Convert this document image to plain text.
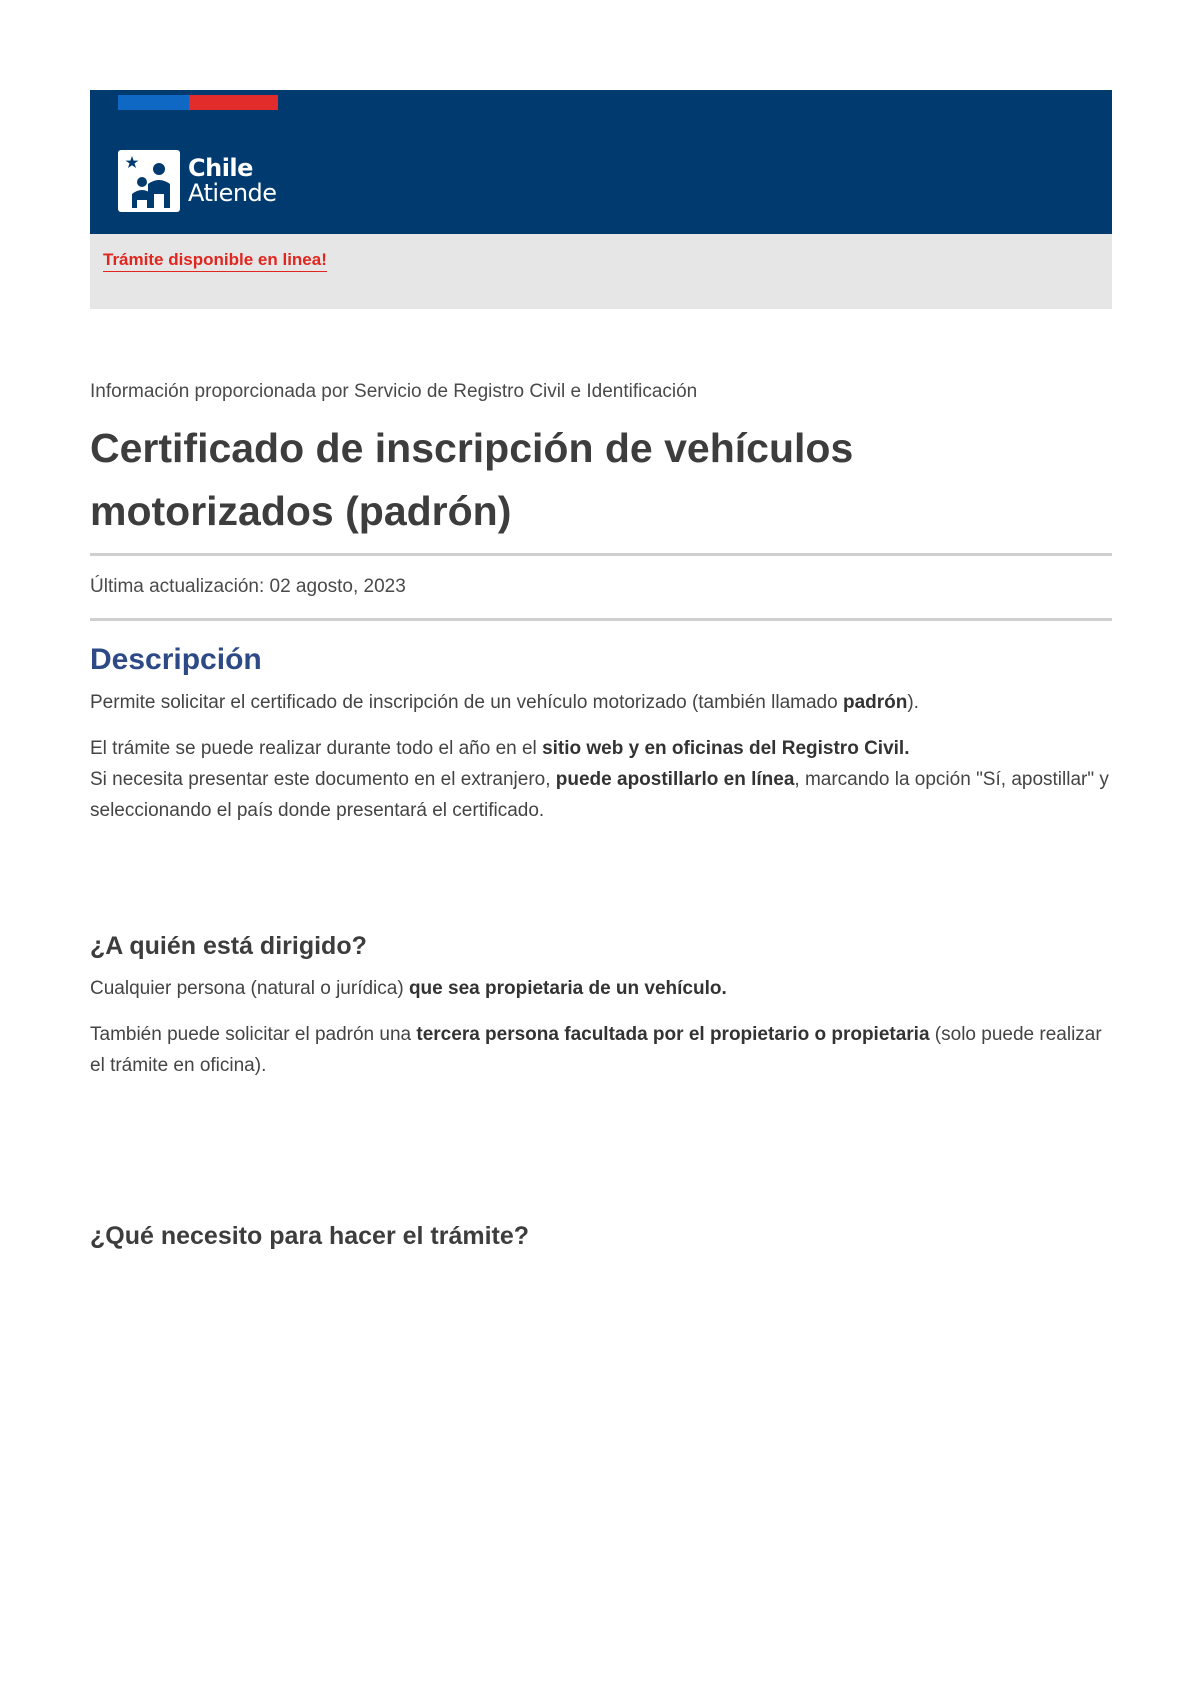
Chile
Atiende
Trámite disponible en linea!
Información proporcionada por Servicio de Registro Civil e Identificación
Certificado de inscripción de vehículos motorizados (padrón)
Última actualización: 02 agosto, 2023
Descripción

Permite solicitar el certificado de inscripción de un vehículo motorizado (también llamado padrón).

El trámite se puede realizar durante todo el año en el sitio web y en oficinas del Registro Civil.
Si necesita presentar este documento en el extranjero, puede apostillarlo en línea, marcando la opción "Sí, apostillar" y seleccionando el país donde presentará el certificado.

¿A quién está dirigido?

Cualquier persona (natural o jurídica) que sea propietaria de un vehículo.

También puede solicitar el padrón una tercera persona facultada por el propietario o propietaria (solo puede realizar el trámite en oficina).

¿Qué necesito para hacer el trámite?
